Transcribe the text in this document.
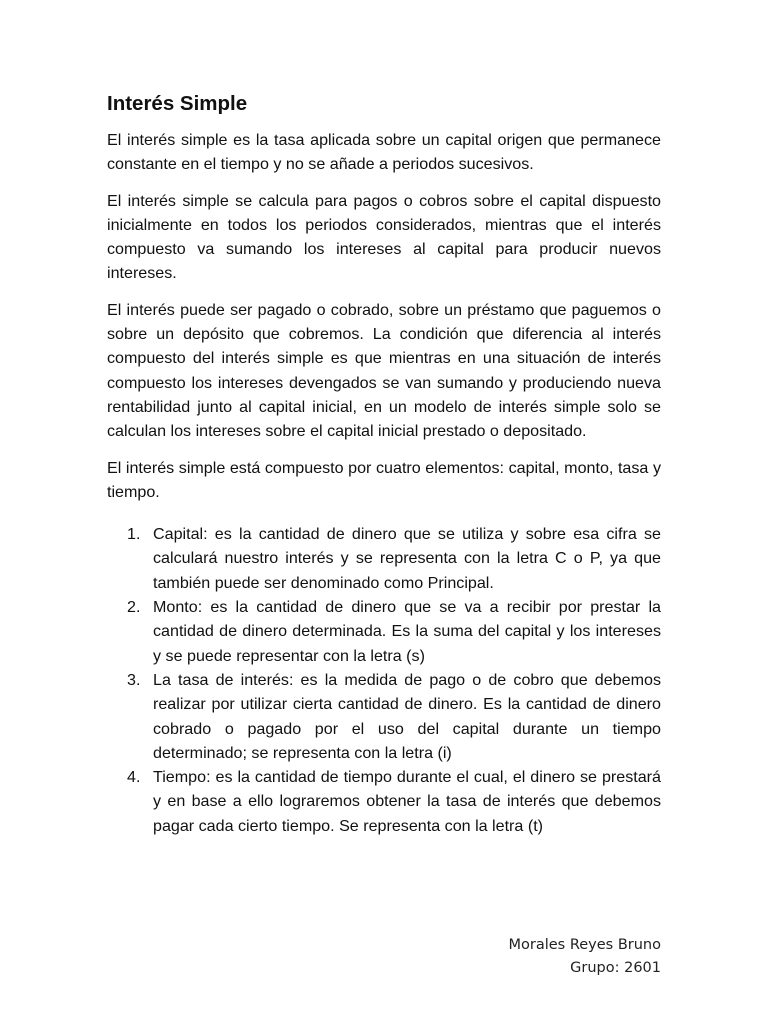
Interés Simple

El interés simple es la tasa aplicada sobre un capital origen que permanece constante en el tiempo y no se añade a periodos sucesivos.

El interés simple se calcula para pagos o cobros sobre el capital dispuesto inicialmente en todos los periodos considerados, mientras que el interés compuesto va sumando los intereses al capital para producir nuevos intereses.

El interés puede ser pagado o cobrado, sobre un préstamo que paguemos o sobre un depósito que cobremos. La condición que diferencia al interés compuesto del interés simple es que mientras en una situación de interés compuesto los intereses devengados se van sumando y produciendo nueva rentabilidad junto al capital inicial, en un modelo de interés simple solo se calculan los intereses sobre el capital inicial prestado o depositado.

El interés simple está compuesto por cuatro elementos: capital, monto, tasa y tiempo.

1. Capital: es la cantidad de dinero que se utiliza y sobre esa cifra se calculará nuestro interés y se representa con la letra C o P, ya que también puede ser denominado como Principal.
2. Monto: es la cantidad de dinero que se va a recibir por prestar la cantidad de dinero determinada. Es la suma del capital y los intereses y se puede representar con la letra (s)
3. La tasa de interés: es la medida de pago o de cobro que debemos realizar por utilizar cierta cantidad de dinero. Es la cantidad de dinero cobrado o pagado por el uso del capital durante un tiempo determinado; se representa con la letra (i)
4. Tiempo: es la cantidad de tiempo durante el cual, el dinero se prestará y en base a ello lograremos obtener la tasa de interés que debemos pagar cada cierto tiempo. Se representa con la letra (t)
Morales Reyes Bruno
Grupo: 2601
